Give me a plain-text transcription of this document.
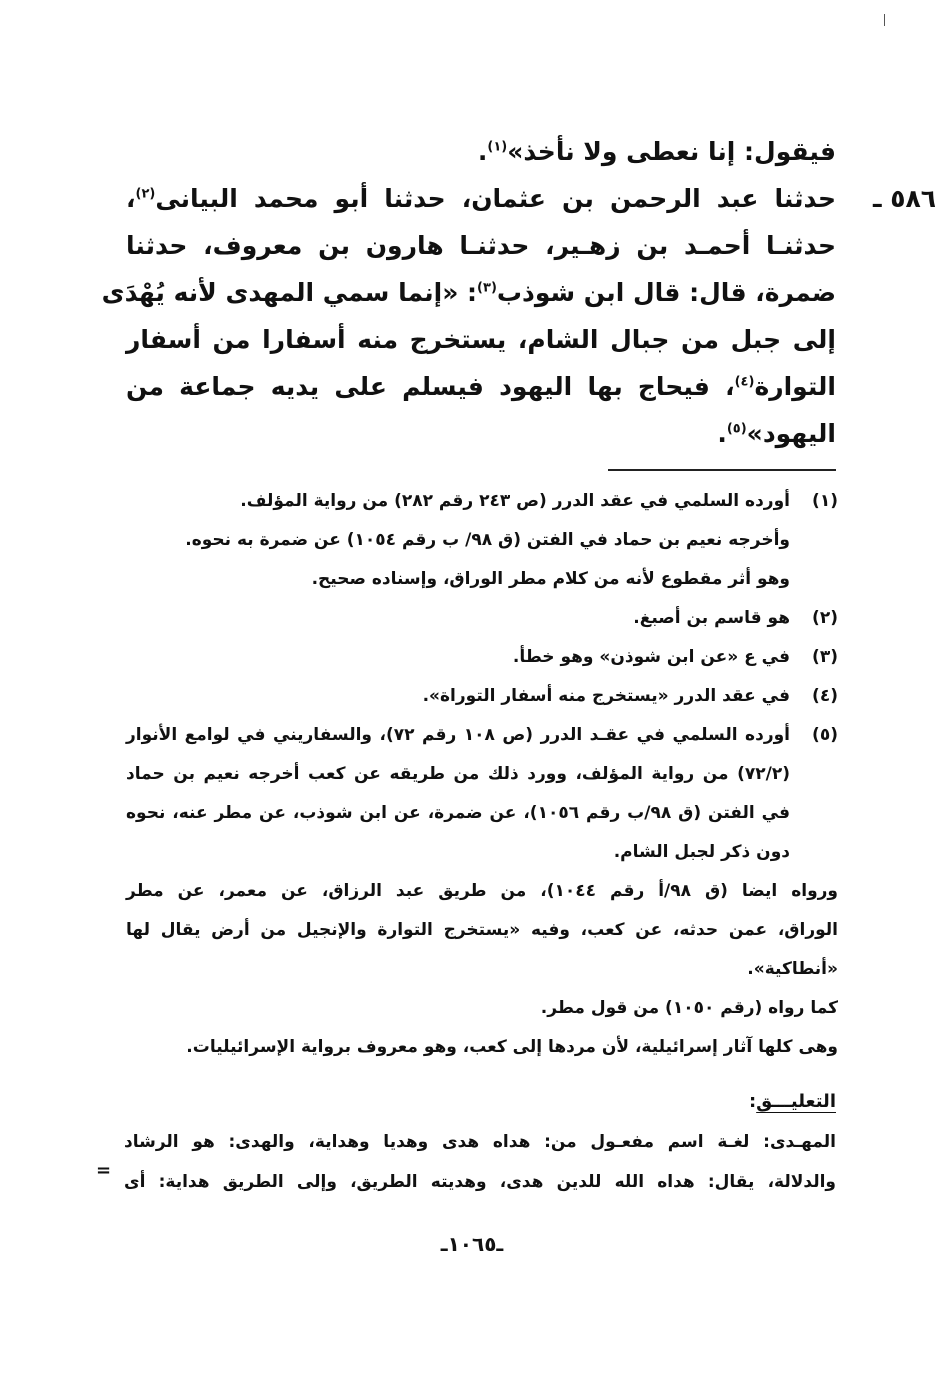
فيقول: إنا نعطى ولا نأخذ»$^{(١)}$.
٥٨٦ ـ
حدثنا عبد الرحمن بن عثمان، حدثنا أبو محمد البيانى$^{(٢)}$،
حدثنـا أحمـد بن زهـير، حدثنـا هارون بن معروف، حدثنا
ضمرة، قال: قال ابن شوذب$^{(٣)}$: «إنما سمي المهدى لأنه يُهْدَى
إلى جبل من جبال الشام، يستخرج منه أسفارا من أسفار
التوارة$^{(٤)}$، فيحاج بها اليهود فيسلم على يديه جماعة من
اليهود»$^{(٥)}$.
(١)
أورده السلمي في عقد الدرر (ص ٢٤٣ رقم ٢٨٢) من رواية المؤلف.
وأخرجه نعيم بن حماد في الفتن (ق ٩٨/ ب رقم ١٠٥٤) عن ضمرة به نحوه.
وهو أثر مقطوع لأنه من كلام مطر الوراق، وإسناده صحيح.
(٢)
هو قاسم بن أصبغ.
(٣)
في ع «عن ابن شوذن» وهو خطأ.
(٤)
في عقد الدرر «يستخرج منه أسفار التوراة».
(٥)
أورده السلمي في عقـد الدرر (ص ١٠٨ رقم ٧٢)، والسفاريني في لوامع الأنوار
(٧٢/٢) من رواية المؤلف، وورد ذلك من طريقه عن كعب أخرجه نعيم بن حماد
في الفتن (ق ٩٨/ب رقم ١٠٥٦)، عن ضمرة، عن ابن شوذب، عن مطر عنه، نحوه
دون ذكر لجبل الشام.
ورواه ايضا (ق ٩٨/أ رقم ١٠٤٤)، من طريق عبد الرزاق، عن معمر، عن مطر
الوراق، عمن حدثه، عن كعب، وفيه «يستخرج التوارة والإنجيل من أرض يقال لها
«أنطاكية».
كما رواه (رقم ١٠٥٠) من قول مطر.
وهى كلها آثار إسرائيلية، لأن مردها إلى كعب، وهو معروف برواية الإسرائيليات.
التعليـــق:
المهـدى: لغـة اسم مفعـول من: هداه هدى وهديا وهداية، والهدى: هو الرشاد
والدلالة، يقال: هداه الله للدين هدى، وهديته الطريق، وإلى الطريق هداية: أى
=
ـ١٠٦٥ـ
